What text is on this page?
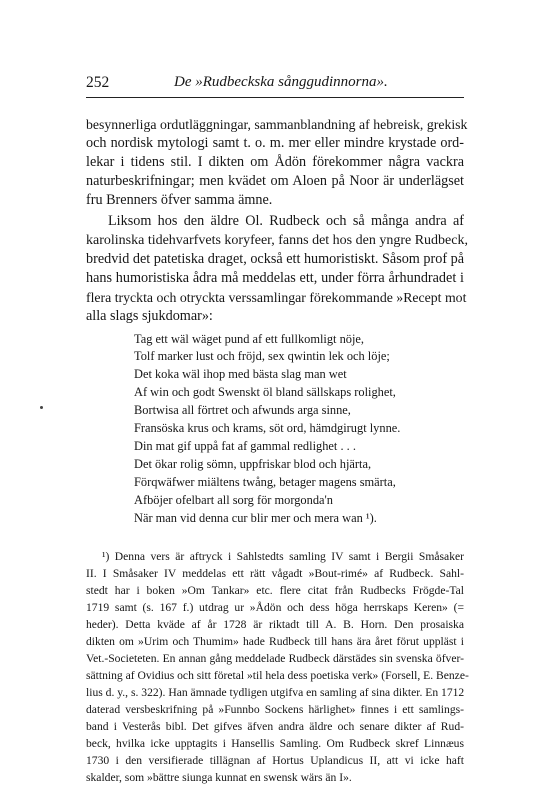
252	De »Rudbeckska sånggudinnorna».
besynnerliga ordutläggningar, sammanblandning af hebreisk, grekisk
och nordisk mytologi samt t. o. m. mer eller mindre krystade ord-
lekar i tidens stil. I dikten om Ådön förekommer några vackra
naturbeskrifningar; men kvädet om Aloen på Noor är underlägset
fru Brenners öfver samma ämne.
Liksom hos den äldre Ol. Rudbeck och så många andra af
karolinska tidehvarfvets koryfeer, fanns det hos den yngre Rudbeck,
bredvid det patetiska draget, också ett humoristiskt. Såsom prof på
hans humoristiska ådra må meddelas ett, under förra århundradet i
flera tryckta och otryckta verssamlingar förekommande »Recept mot
alla slags sjukdomar»:
Tag ett wäl wäget pund af ett fullkomligt nöje,
Tolf marker lust och fröjd, sex qwintin lek och löje;
Det koka wäl ihop med bästa slag man wet
Af win och godt Swenskt öl bland sällskaps rolighet,
Bortwisa all förtret och afwunds arga sinne,
Fransöska krus och krams, söt ord, hämdgirugt lynne.
Din mat gif uppå fat af gammal redlighet . . .
Det ökar rolig sömn, uppfriskar blod och hjärta,
Förqwäfwer miältens twång, betager magens smärta,
Afböjer ofelbart all sorg för morgonda'n
När man vid denna cur blir mer och mera wan ¹).
¹) Denna vers är aftryck i Sahlstedts samling IV samt i Bergii Småsaker
II. I Småsaker IV meddelas ett rätt vågadt »Bout-rimé» af Rudbeck. Sahl-
stedt har i boken »Om Tankar» etc. flere citat från Rudbecks Frögde-Tal
1719 samt (s. 167 f.) utdrag ur »Ådön och dess höga herrskaps Keren» (=
heder). Detta kväde af år 1728 är riktadt till A. B. Horn. Den prosaiska
dikten om »Urim och Thumim» hade Rudbeck till hans ära året förut uppläst i
Vet.-Societeten. En annan gång meddelade Rudbeck därstädes sin svenska öfver-
sättning af Ovidius och sitt företal »til hela dess poetiska verk» (Forsell, E. Benze-
lius d. y., s. 322). Han ämnade tydligen utgifva en samling af sina dikter. En 1712
daterad versbeskrifning på »Funnbo Sockens härlighet» finnes i ett samlings-
band i Vesterås bibl. Det gifves äfven andra äldre och senare dikter af Rud-
beck, hvilka icke upptagits i Hansellis Samling. Om Rudbeck skref Linnæus
1730 i den versifierade tillägnan af Hortus Uplandicus II, att vi icke haft
skalder, som »bättre siunga kunnat en swensk wärs än I».
